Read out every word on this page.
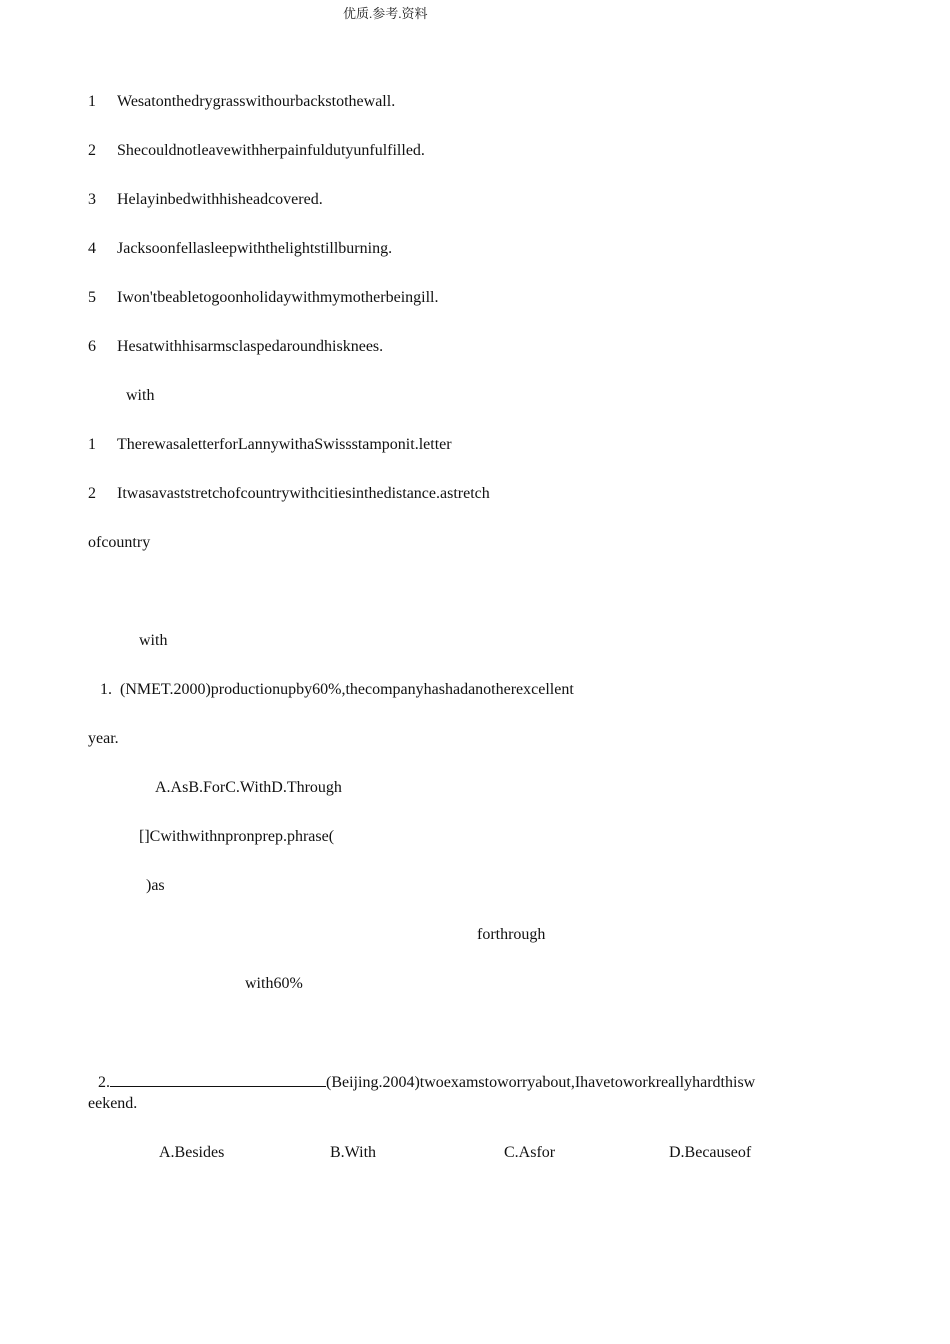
优质.参考.资料
1 Wesatonthedrygrasswithourbackstothewall.
2 Shecouldnotleavewithherpainfuldutyunfulfilled.
3 Helayinbedwithhisheadcovered.
4 Jacksoonfellasleepwiththelightstillburning.
5 Iwon'tbeabletogoonholidaywithmymotherbeingill.
6 Hesatwithhisarmsclaspedaroundhisknees.
with
1 TherewasaletterforLannywithaSwissstamponit.letter
2 Itwasavaststretchofcountrywithcitiesinthedistance.astretch
ofcountry
with
1. (NMET.2000)productionupby60%,thecompanyhashadanotherexcellent
year.
A.AsB.ForC.WithD.Through
[]Cwithwithnpronprep.phrase(
)as
forthrough
with60%
2.	(Beijing.2004)twoexamstoworryabout,Ihavetoworkreallyhardthisw
eekend.
A.Besides	B.With	C.Asfor	D.Becauseof
